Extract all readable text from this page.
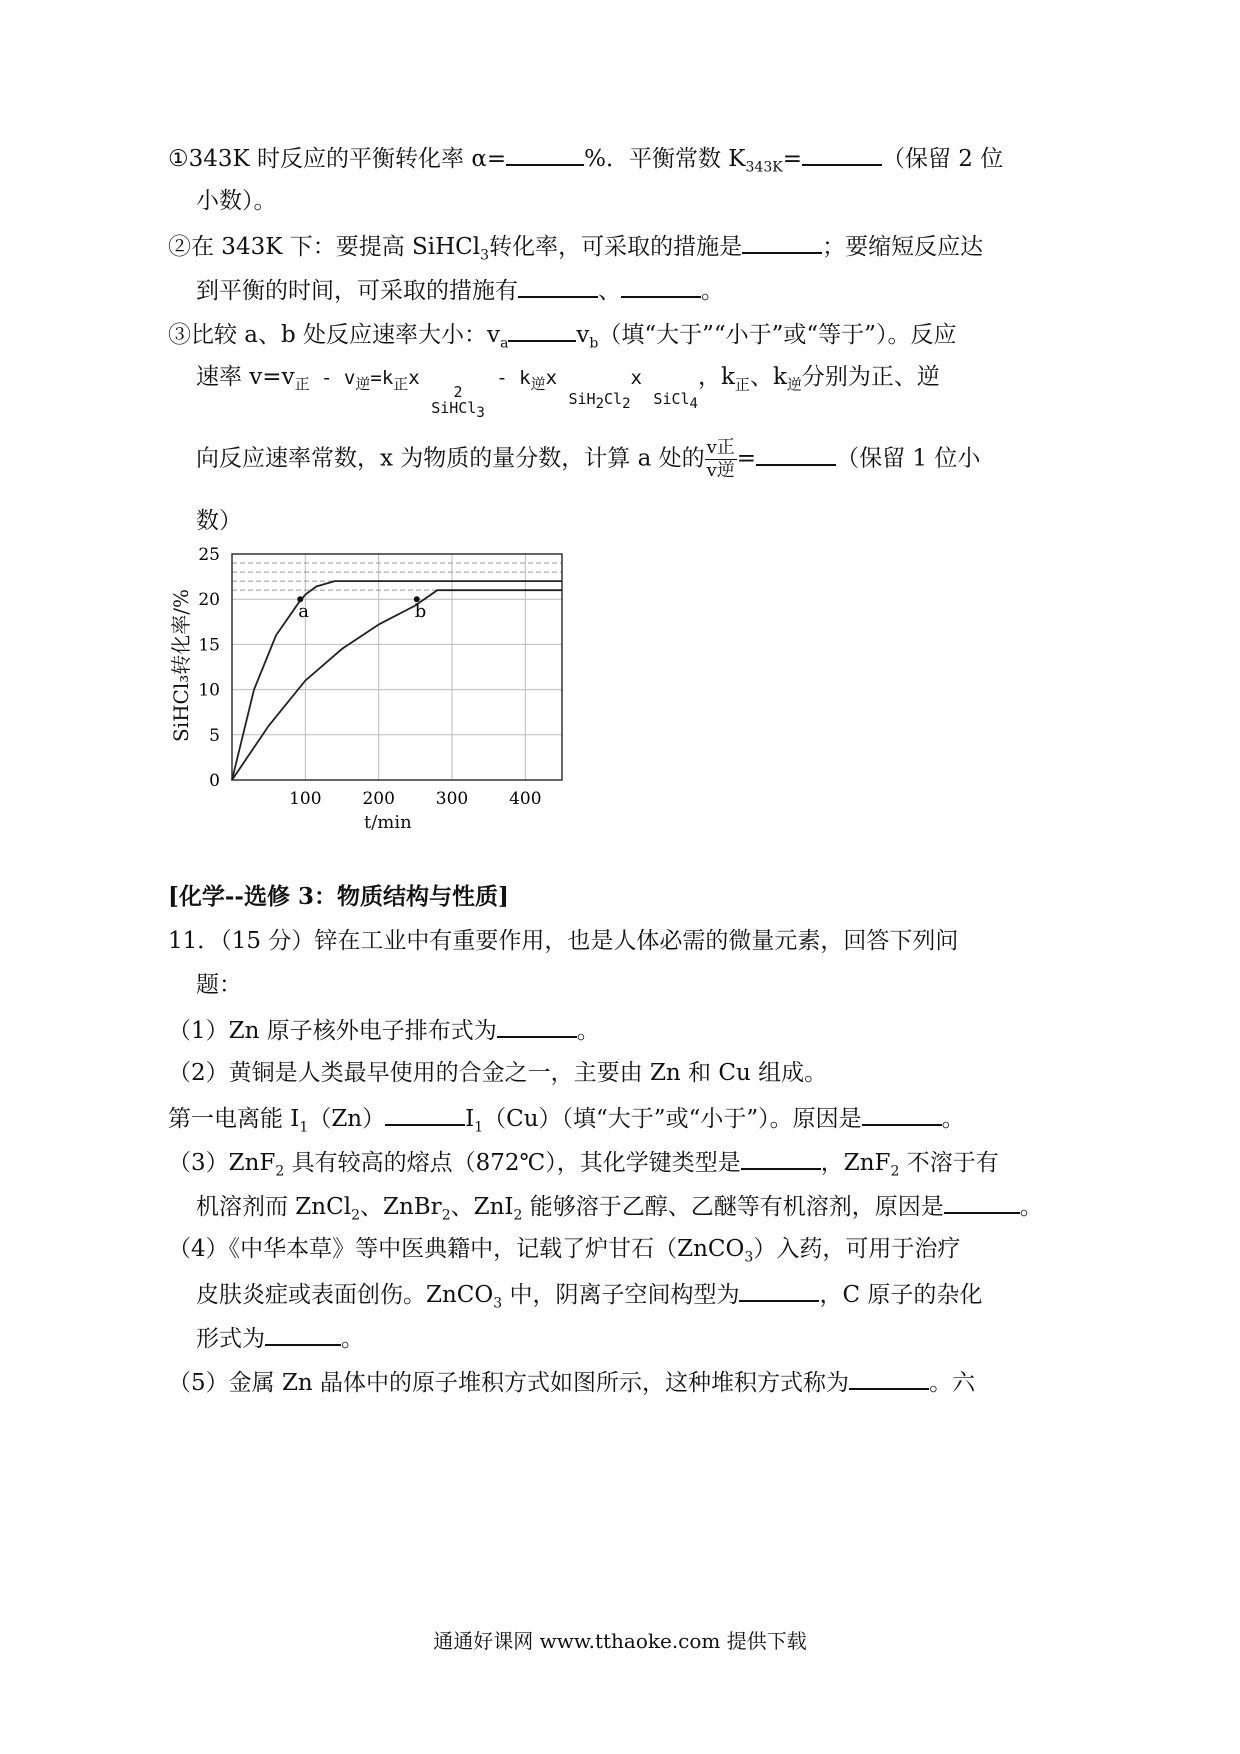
①343K 时反应的平衡转化率 α=	%．平衡常数 $K_{343K}=$	（保留 2 位
小数）。
②在 343K 下：要提高 SiHCl$_3$转化率，可采取的措施是	；要缩短反应达
到平衡的时间，可采取的措施有	、	。
③比较 a、b 处反应速率大小：$v_a$	$v_b$（填“大于”“小于”或“等于”）。反应
速率 $v=v_正 - v_逆=k_正x$
2
SiHCl$_3$ - $k_逆x$ $SiH_2Cl_2x$ SiCl$_4$，$k_正$、$k_逆$分别为正、逆
向反应速率常数，x 为物质的量分数，计算 a 处的 $\frac{\text{v正}}{\text{v逆}}$ =	（保留 1 位小
数）
0
5
10
15
20
25
100 200 300 400
a	b
SiHCl₃转化率/%
t/min
[化学--选修 3：物质结构与性质]
11．（15 分）锌在工业中有重要作用，也是人体必需的微量元素，回答下列问
题：
（1）Zn 原子核外电子排布式为	。
（2）黄铜是人类最早使用的合金之一，主要由 Zn 和 Cu 组成。
第一电离能 $I_1(Zn)$	$I_1(Cu)$（填“大于”或“小于”）。原因是	。
（3）ZnF$_2$ 具有较高的熔点（872℃），其化学键类型是	，ZnF$_2$ 不溶于有
机溶剂而 ZnCl$_2$、ZnBr$_2$、ZnI$_2$ 能够溶于乙醇、乙醚等有机溶剂，原因是	。
（4）《中华本草》等中医典籍中，记载了炉甘石（ZnCO$_3$）入药，可用于治疗
皮肤炎症或表面创伤。ZnCO$_3$ 中，阴离子空间构型为	，C 原子的杂化
形式为	。
（5）金属 Zn 晶体中的原子堆积方式如图所示，这种堆积方式称为	。六
通通好课网 www.tthaoke.com 提供下载
